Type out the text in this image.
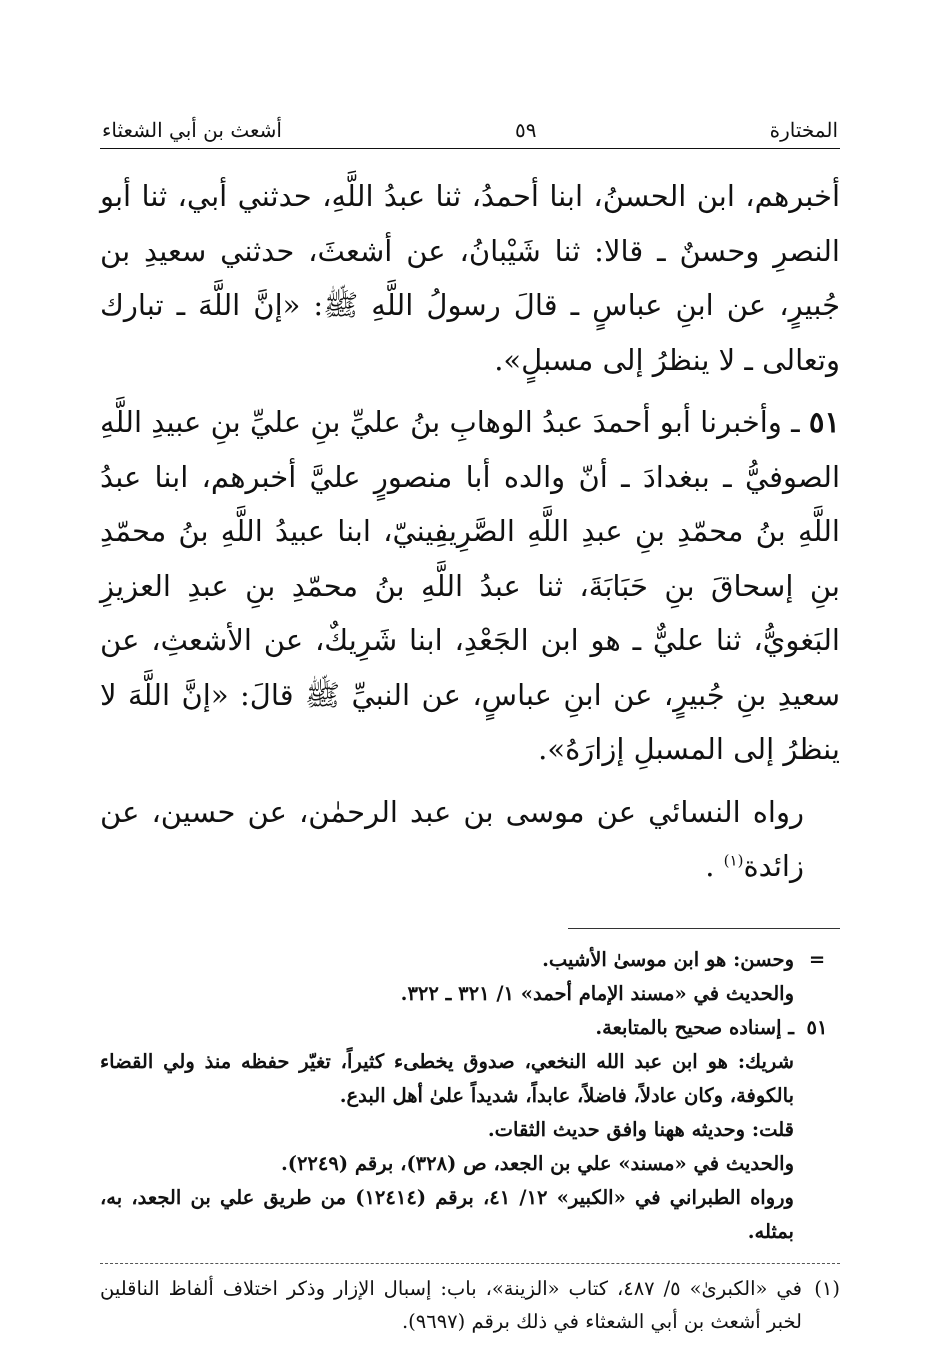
المختارة
٥٩
أشعث بن أبي الشعثاء

أخبرهم، ابن الحسنُ، ابنا أحمدُ، ثنا عبدُ اللَّهِ، حدثني أبي، ثنا أبو النصرِ وحسنٌ ـ قالا: ثنا شَيْبانُ، عن أشعثَ، حدثني سعيدِ بن جُبيرٍ، عن ابنِ عباسٍ ـ قالَ رسولُ اللَّهِ ﷺ: «إنَّ اللَّهَ ـ تبارك وتعالى ـ لا ينظرُ إلى مسبلٍ».

٥١ ـ وأخبرنا أبو أحمدَ عبدُ الوهابِ بنُ عليِّ بنِ عليِّ بنِ عبيدِ اللَّهِ الصوفيُّ ـ ببغدادَ ـ أنّ والده أبا منصورٍ عليَّ أخبرهم، ابنا عبدُ اللَّهِ بنُ محمّدِ بنِ عبدِ اللَّهِ الصَّرِيفِينيّ، ابنا عبيدُ اللَّهِ بنُ محمّدِ بنِ إسحاقَ بنِ حَبَابَةَ، ثنا عبدُ اللَّهِ بنُ محمّدِ بنِ عبدِ العزيزِ البَغويُّ، ثنا عليٌّ ـ هو ابن الجَعْدِ، ابنا شَرِيكٌ، عن الأشعثِ، عن سعيدِ بنِ جُبيرٍ، عن ابنِ عباسٍ، عن النبيِّ ﷺ قالَ: «إنَّ اللَّهَ لا ينظرُ إلى المسبلِ إزارَهُ».

رواه النسائي عن موسى بن عبد الرحمٰن، عن حسين، عن زائدة$^{(١)}$ .

=
وحسن: هو ابن موسىٰ الأشيب.
والحديث في «مسند الإمام أحمد» ١/ ٣٢١ ـ ٣٢٢.
٥١
ـ إسناده صحيح بالمتابعة.
شريك: هو ابن عبد الله النخعي، صدوق يخطىء كثيراً، تغيّر حفظه منذ ولي القضاء بالكوفة، وكان عادلاً، فاضلاً، عابداً، شديداً علىٰ أهل البدع.
قلت: وحديثه ههنا وافق حديث الثقات.
والحديث في «مسند» علي بن الجعد، ص (٣٢٨)، برقم (٢٢٤٩).
ورواه الطبراني في «الكبير» ١٢/ ٤١، برقم (١٢٤١٤) من طريق علي بن الجعد، به، بمثله.
(١)
في «الكبرىٰ» ٥/ ٤٨٧، كتاب «الزينة»، باب: إسبال الإزار وذكر اختلاف ألفاظ الناقلين لخبر أشعث بن أبي الشعثاء في ذلك برقم (٩٦٩٧).
